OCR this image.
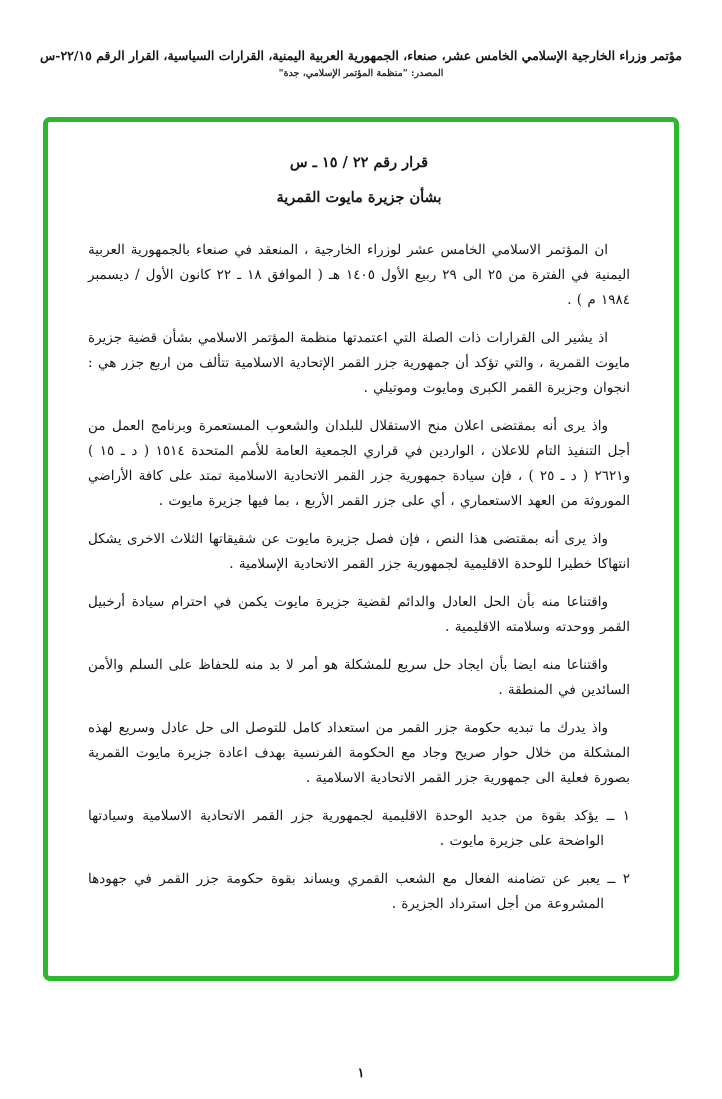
مؤتمر وزراء الخارجية الإسلامي الخامس عشر، صنعاء، الجمهورية العربية اليمنية، القرارات السياسية، القرار الرقم ٢٢/١٥-س
المصدر: "منظمة المؤتمر الإسلامي، جدة"
قرار رقم ٢٢ / ١٥ ـ س
بشأن جزيرة مايوت القمرية

ان المؤتمر الاسلامي الخامس عشر لوزراء الخارجية ، المنعقد في صنعاء بالجمهورية العربية اليمنية في الفترة من ٢٥ الى ٢٩ ربيع الأول ١٤٠٥ هـ ( الموافق ١٨ ـ ٢٢ كانون الأول / ديسمبر ١٩٨٤ م ) .

اذ يشير الى القرارات ذات الصلة التي اعتمدتها منظمة المؤتمر الاسلامي بشأن قضية جزيرة مايوت القمرية ، والتي تؤكد أن جمهورية جزر القمر الإتحادية الاسلامية تتألف من اربع جزر هي : انجوان وجزيرة القمر الكبرى ومايوت وموتيلي .

واذ يرى أنه بمقتضى اعلان منح الاستقلال للبلدان والشعوب المستعمرة وبرنامج العمل من أجل التنفيذ التام للاعلان ، الواردين في قراري الجمعية العامة للأمم المتحدة ١٥١٤ ( د ـ ١٥ ) و٢٦٢١ ( د ـ ٢٥ ) ، فإن سيادة جمهورية جزر القمر الاتحادية الاسلامية تمتد على كافة الأراضي الموروثة من العهد الاستعماري ، أي على جزر القمر الأربع ، بما فيها جزيرة مايوت .

واذ يرى أنه بمقتضى هذا النص ، فإن فصل جزيرة مايوت عن شقيقاتها الثلاث الاخرى يشكل انتهاكا خطيرا للوحدة الاقليمية لجمهورية جزر القمر الاتحادية الإسلامية .

واقتناعا منه بأن الحل العادل والدائم لقضية جزيرة مايوت يكمن في احترام سيادة أرخبيل القمر ووحدته وسلامته الاقليمية .

واقتناعا منه ايضا بأن ايجاد حل سريع للمشكلة هو أمر لا بد منه للحفاظ على السلم والأمن السائدين في المنطقة .

واذ يدرك ما تبديه حكومة جزر القمر من استعداد كامل للتوصل الى حل عادل وسريع لهذه المشكلة من خلال حوار صريح وجاد مع الحكومة الفرنسية بهدف اعادة جزيرة مايوت القمرية بصورة فعلية الى جمهورية جزر القمر الاتحادية الاسلامية .

١ ــ يؤكد بقوة من جديد الوحدة الاقليمية لجمهورية جزر القمر الاتحادية الاسلامية وسيادتها الواضحة على جزيرة مايوت .

٢ ــ يعبر عن تضامنه الفعال مع الشعب القمري ويساند بقوة حكومة جزر القمر في جهودها المشروعة من أجل استرداد الجزيرة .

١
